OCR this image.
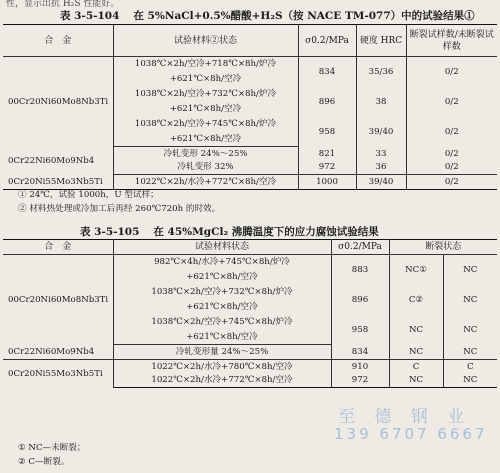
性，显示出抗 H₂S 性能好。
表 3-5-104 在 5%NaCl+0.5%醋酸+H₂S（按 NACE TM-077）中的试验结果①
合　金	试验材料②状态	σ0.2/MPa	硬度 HRC	断裂试样数/未断裂试样数
00Cr20Ni60Mo8Nb3Ti	1038℃×2h/空冷+718℃×8h/炉冷	834	35/36	0/2
	+621℃×8h/空冷			
	1038℃×2h/空冷+732℃×8h/炉冷	896	38	0/2
	+621℃×8h/空冷			
	1038℃×2h/空冷+745℃×8h/炉冷	958	39/40	0/2
	+621℃×8h/空冷			
0Cr22Ni60Mo9Nb4	冷轧变形 24%～25%	821	33	0/2
	冷轧变形 32%	972	36	0/2
0Cr20Ni55Mo3Nb5Ti	1022℃×2h/水冷+772℃×8h/空冷	1000	39/40	0/2
① 24℃，试验 1000h，U 型试样；
② 材料热处理或冷加工后再经 260℃720h 的时效。
表 3-5-105 在 45%MgCl₂ 沸腾温度下的应力腐蚀试验结果
合　金	试验材料状态	σ0.2/MPa	断裂状态	
00Cr20Ni60Mo8Nb3Ti	982℃×4h/水冷+745℃×8h/炉冷	883	NC①	NC
	+621℃×8h/空冷			
	1038℃×2h/空冷+732℃×8h/炉冷	896	C②	NC
	+621℃×8h/空冷			
	1038℃×2h/空冷+745℃×8h/炉冷	958	NC	NC
	+621℃×8h/空冷			
0Cr22Ni60Mo9Nb4	冷轧变形量 24%～25%	834	NC	NC
0Cr20Ni55Mo3Nb5Ti	1022℃×2h/水冷+780℃×8h/空冷	910	C	C
	1022℃×2h/水冷+772℃×8h/空冷	972	NC	NC
① NC—未断裂；
② C—断裂。
至 德 钢 业
139 6707 6667
